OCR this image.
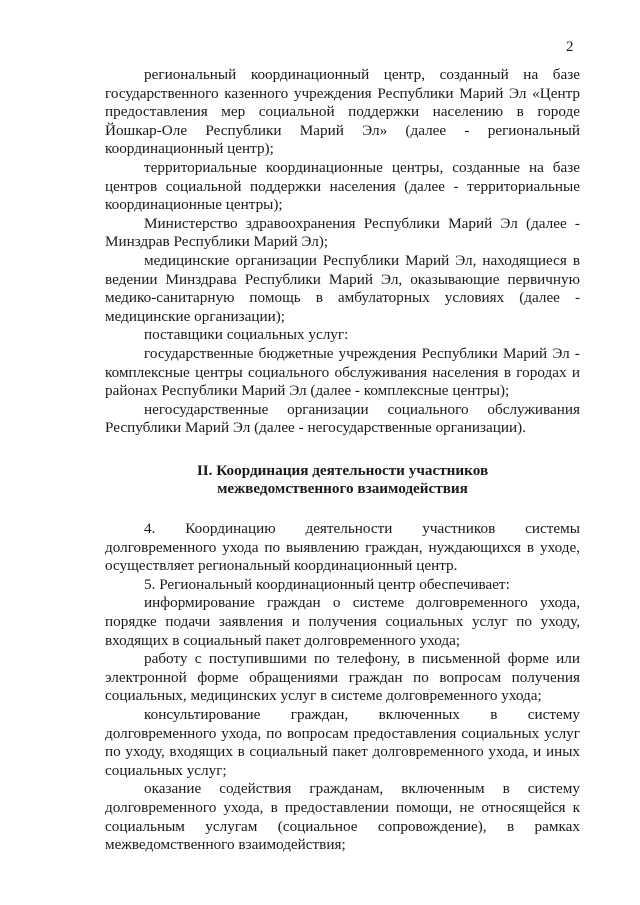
2

региональный координационный центр, созданный на базе государственного казенного учреждения Республики Марий Эл «Центр предоставления мер социальной поддержки населению в городе Йошкар-Оле Республики Марий Эл» (далее - региональный координационный центр);

территориальные координационные центры, созданные на базе центров социальной поддержки населения (далее - территориальные координационные центры);

Министерство здравоохранения Республики Марий Эл (далее - Минздрав Республики Марий Эл);

медицинские организации Республики Марий Эл, находящиеся в ведении Минздрава Республики Марий Эл, оказывающие первичную медико-санитарную помощь в амбулаторных условиях (далее - медицинские организации);

поставщики социальных услуг:

государственные бюджетные учреждения Республики Марий Эл - комплексные центры социального обслуживания населения в городах и районах Республики Марий Эл (далее - комплексные центры);

негосударственные организации социального обслуживания Республики Марий Эл (далее - негосударственные организации).

II. Координация деятельности участников
межведомственного взаимодействия

4. Координацию деятельности участников системы долговременного ухода по выявлению граждан, нуждающихся в уходе, осуществляет региональный координационный центр.

5. Региональный координационный центр обеспечивает:

информирование граждан о системе долговременного ухода, порядке подачи заявления и получения социальных услуг по уходу, входящих в социальный пакет долговременного ухода;

работу с поступившими по телефону, в письменной форме или электронной форме обращениями граждан по вопросам получения социальных, медицинских услуг в системе долговременного ухода;

консультирование граждан, включенных в систему долговременного ухода, по вопросам предоставления социальных услуг по уходу, входящих в социальный пакет долговременного ухода, и иных социальных услуг;

оказание содействия гражданам, включенным в систему долговременного ухода, в предоставлении помощи, не относящейся к социальным услугам (социальное сопровождение), в рамках межведомственного взаимодействия;
